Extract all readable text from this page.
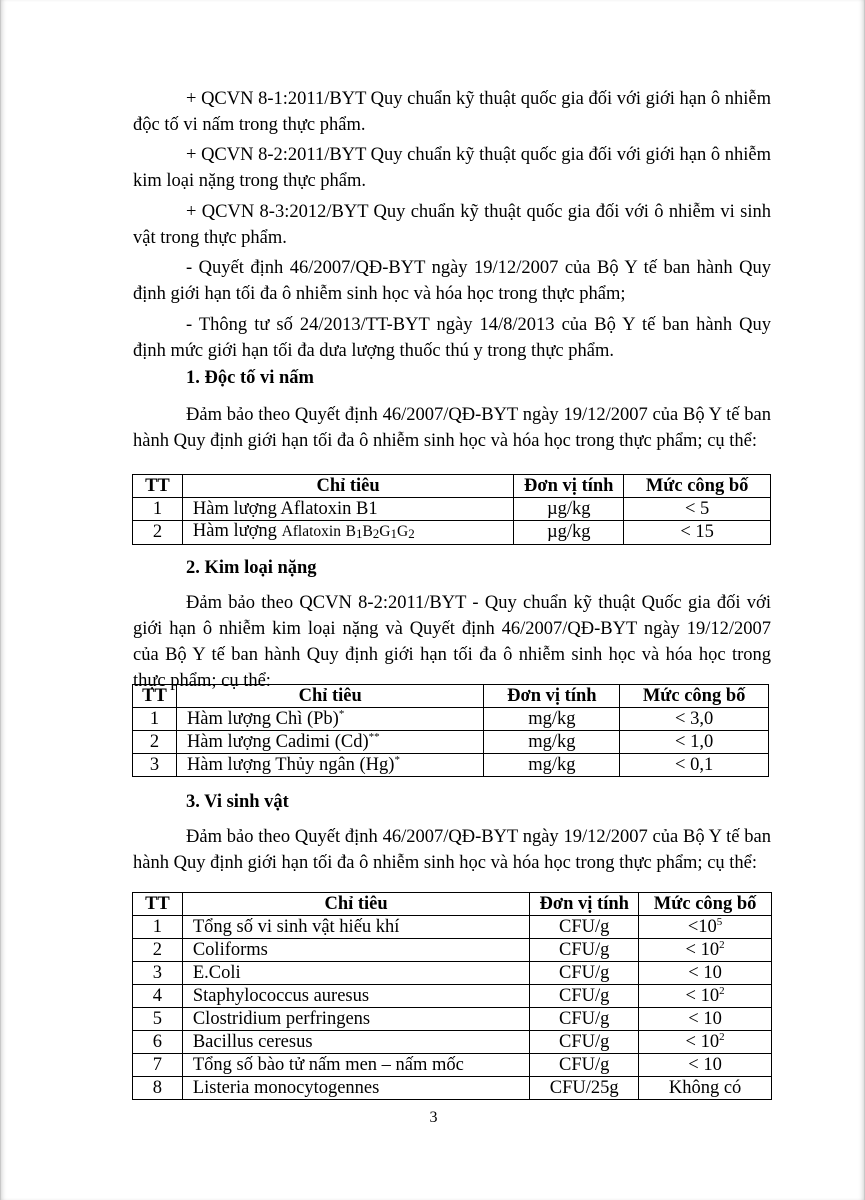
+ QCVN 8-1:2011/BYT Quy chuẩn kỹ thuật quốc gia đối với giới hạn ô nhiễm độc tố vi nấm trong thực phẩm.

+ QCVN 8-2:2011/BYT Quy chuẩn kỹ thuật quốc gia đối với giới hạn ô nhiễm kim loại nặng trong thực phẩm.

+ QCVN 8-3:2012/BYT Quy chuẩn kỹ thuật quốc gia đối với ô nhiễm vi sinh vật trong thực phẩm.

- Quyết định 46/2007/QĐ-BYT ngày 19/12/2007 của Bộ Y tế ban hành Quy định giới hạn tối đa ô nhiễm sinh học và hóa học trong thực phẩm;

- Thông tư số 24/2013/TT-BYT ngày 14/8/2013 của Bộ Y tế ban hành Quy định mức giới hạn tối đa dưa lượng thuốc thú y trong thực phẩm.

1. Độc tố vi nấm

Đảm bảo theo Quyết định 46/2007/QĐ-BYT ngày 19/12/2007 của Bộ Y tế ban hành Quy định giới hạn tối đa ô nhiễm sinh học và hóa học trong thực phẩm; cụ thể:

TT	Chỉ tiêu	Đơn vị tính	Mức công bố
1	Hàm lượng Aflatoxin B1	µg/kg	< 5
2	Hàm lượng Aflatoxin $B_1B_2G_1G_2$	µg/kg	< 15

2. Kim loại nặng

Đảm bảo theo QCVN 8-2:2011/BYT - Quy chuẩn kỹ thuật Quốc gia đối với giới hạn ô nhiễm kim loại nặng và Quyết định 46/2007/QĐ-BYT ngày 19/12/2007 của Bộ Y tế ban hành Quy định giới hạn tối đa ô nhiễm sinh học và hóa học trong thực phẩm; cụ thể:

TT	Chỉ tiêu	Đơn vị tính	Mức công bố
1	Hàm lượng Chì (Pb)*	mg/kg	< 3,0
2	Hàm lượng Cadimi (Cd)**	mg/kg	< 1,0
3	Hàm lượng Thủy ngân (Hg)*	mg/kg	< 0,1

3. Vi sinh vật

Đảm bảo theo Quyết định 46/2007/QĐ-BYT ngày 19/12/2007 của Bộ Y tế ban hành Quy định giới hạn tối đa ô nhiễm sinh học và hóa học trong thực phẩm; cụ thể:

TT	Chỉ tiêu	Đơn vị tính	Mức công bố
1	Tổng số vi sinh vật hiếu khí	CFU/g	$<10^5$
2	Coliforms	CFU/g	< $10^2$
3	E.Coli	CFU/g	< 10
4	Staphylococcus auresus	CFU/g	< $10^2$
5	Clostridium perfringens	CFU/g	< 10
6	Bacillus ceresus	CFU/g	< $10^2$
7	Tổng số bào tử nấm men – nấm mốc	CFU/g	< 10
8	Listeria monocytogennes	CFU/25g	Không có
3
